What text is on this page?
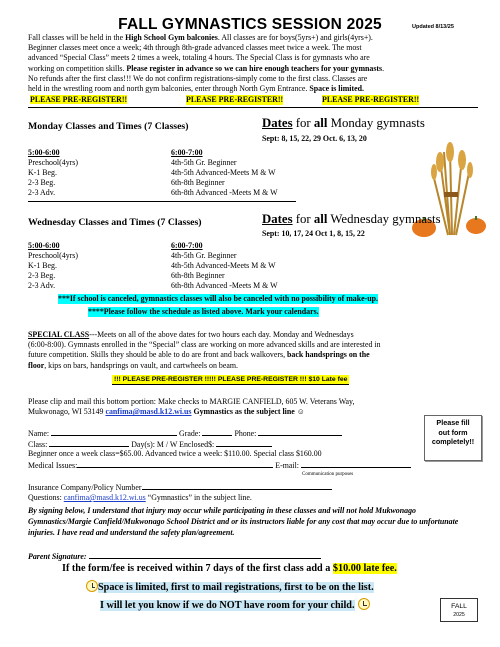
FALL GYMNASTICS SESSION 2025	Updated 8/13/25
Fall classes will be held in the High School Gym balconies. All classes are for boys(5yrs+) and girls(4yrs+).
Beginner classes meet once a week; 4th through 8th-grade advanced classes meet twice a week. The most
advanced “Special Class” meets 2 times a week, totaling 4 hours. The Special Class is for gymnasts who are
working on competition skills. Please register in advance so we can hire enough teachers for your gymnasts.
No refunds after the first class!!! We do not confirm registrations-simply come to the first class. Classes are
held in the wrestling room and north gym balconies, enter through North Gym Entrance. Space is limited.
PLEASE PRE-REGISTER!!	PLEASE PRE-REGISTER!!	PLEASE PRE-REGISTER!!
Monday Classes and Times (7 Classes)	Dates for all Monday gymnasts
Sept: 8, 15, 22, 29 Oct. 6, 13, 20
5:00-6:00	6:00-7:00
Preschool(4yrs)	4th-5th Gr. Beginner
K-1 Beg.	4th-5th Advanced-Meets M & W
2-3 Beg.	6th-8th Beginner
2-3 Adv.	6th-8th Advanced -Meets M & W
Wednesday Classes and Times (7 Classes)	Dates for all Wednesday gymnasts
Sept: 10, 17, 24 Oct 1, 8, 15, 22
5:00-6:00	6:00-7:00
Preschool(4yrs)	4th-5th Gr. Beginner
K-1 Beg.	4th-5th Advanced-Meets M & W
2-3 Beg.	6th-8th Beginner
2-3 Adv.	6th-8th Advanced -Meets M & W
***If school is canceled, gymnastics classes will also be canceled with no possibility of make-up.
****Please follow the schedule as listed above. Mark your calendars.
SPECIAL CLASS---Meets on all of the above dates for two hours each day. Monday and Wednesdays
(6:00-8:00). Gymnasts enrolled in the “Special” class are working on more advanced skills and are interested in
future competition. Skills they should be able to do are front and back walkovers, back handsprings on the
floor, kips on bars, handsprings on vault, and cartwheels on beam.
!!! PLEASE PRE-REGISTER !!!!! PLEASE PRE-REGISTER !!! $10 Late fee
Please clip and mail this bottom portion: Make checks to MARGIE CANFIELD, 605 W. Veterans Way,
Mukwonago, WI 53149 canfima@masd.k12.wi.us Gymnastics as the subject line ☺
Please fill
out form
completely!!
Name:	Grade:	Phone:
Class:	Day(s): M / W Enclosed$:
Beginner once a week class=$65.00. Advanced twice a week: $110.00. Special class $160.00
Medical Issues:	E-mail:
Communication purposes
Insurance Company/Policy Number
Questions: canfima@masd.k12.wi.us “Gymnastics” in the subject line.
By signing below, I understand that injury may occur while participating in these classes and will not hold Mukwonago Gymnastics/Margie Canfield/Mukwonago School District and or its instructors liable for any cost that may occur due to unfortunate injuries. I have read and understand the safety plan/agreement.
Parent Signature:
If the form/fee is received within 7 days of the first class add a $10.00 late fee.
Space is limited, first to mail registrations, first to be on the list.
I will let you know if we do NOT have room for your child.	FALL
2025
